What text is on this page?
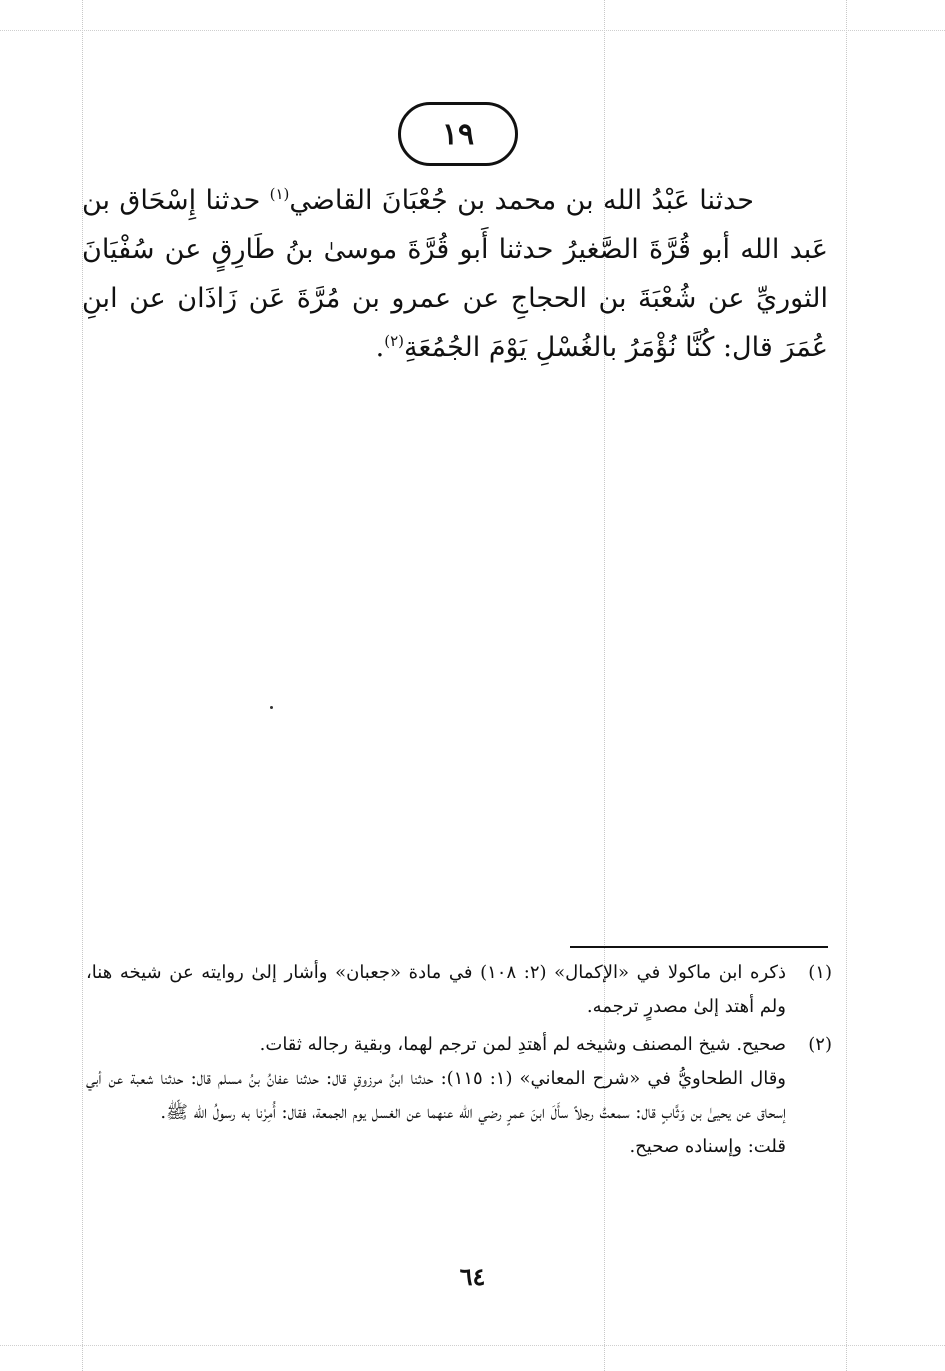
١٩

حدثنا عَبْدُ الله بن محمد بن جُعْبَانَ القاضي$^{(١)}$ حدثنا إِسْحَاق بن عَبد الله أبو قُرَّةَ الصَّغيرُ حدثنا أَبو قُرَّةَ موسىٰ بنُ طَارِقٍ عن سُفْيَانَ الثوريِّ عن شُعْبَةَ بن الحجاجِ عن عمرو بن مُرَّةَ عَن زَاذَان عن ابنِ عُمَرَ قال: كُنَّا نُؤْمَرُ بالغُسْلِ يَوْمَ الجُمُعَةِ$^{(٢)}$.

(١)

ذكره ابن ماكولا في «الإكمال» (٢: ١٠٨) في مادة «جعبان» وأشار إلىٰ روايته عن شيخه هنا، ولم أهتد إلىٰ مصدرٍ ترجمه.

(٢)

صحيح. شيخ المصنف وشيخه لم أهتدِ لمن ترجم لهما، وبقية رجاله ثقات.

وقال الطحاويُّ في «شرح المعاني» (١: ١١٥): حدثنا ابنُ مرزوقٍ قال: حدثنا عفانُ بنُ مسلم قال: حدثنا شعبة عن أبي إسحاق عن يحيىٰ بن وَثَّابٍ قال: سمعتُ رجلاً سأَلَ ابنَ عمرٍ رضي الله عنهما عن الغسل يوم الجمعة، فقال: أُمِرْنا به رسولُ الله ﷺ.

قلت: وإسناده صحيح.

٦٤
